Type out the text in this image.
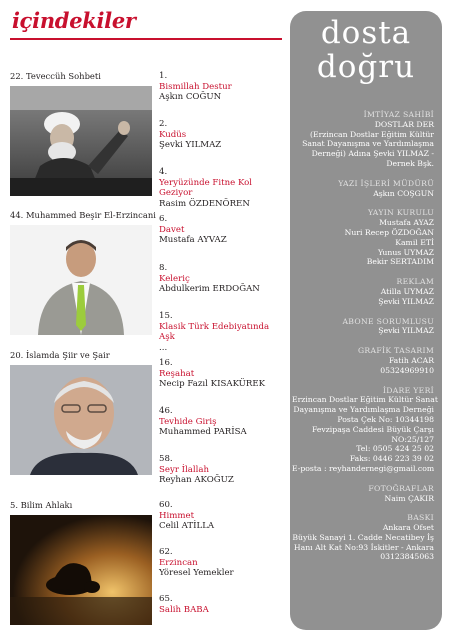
içindekiler
22. Teveccüh Sohbeti
44. Muhammed Beşir El-Erzincani
20. İslamda Şiir ve Şair
5. Bilim Ahlakı
dosta
doğru
İMTİYAZ SAHİBİ
DOSTLAR DER
(Erzincan Dostlar Eğitim Kültür
Sanat Dayanışma ve Yardımlaşma
Derneği) Adına Şevki YILMAZ -
Dernek Bşk.
YAZI İŞLERİ MÜDÜRÜ
Aşkın COŞGUN
YAYIN KURULU
Mustafa AYAZ
Nuri Recep ÖZDOĞAN
Kamil ETİ
Yunus UYMAZ
Bekir SERTADIM
REKLAM
Atilla UYMAZ
Şevki YILMAZ
ABONE SORUMLUSU
Şevki YILMAZ
GRAFİK TASARIM
Fatih ACAR
05324969910
İDARE YERİ
Erzincan Dostlar Eğitim Kültür Sanat
Dayanışma ve Yardımlaşma Derneği
Posta Çek No: 10344198
Fevzipaşa Caddesi Büyük Çarşı
NO:25/127
Tel: 0505 424 25 02
Faks: 0446 223 39 02
E-posta : reyhandernegi@gmail.com
FOTOĞRAFLAR
Naim ÇAKIR
BASKI
Ankara Ofset
Büyük Sanayi 1. Cadde Necatibey İş
Hanı Alt Kat No:93 İskitler - Ankara
03123845063
1.
Bismillah Destur
Aşkın COĞUN
2.
Kudüs
Şevki YILMAZ
4.
Yeryüzünde Fitne Kol Geziyor
Rasim ÖZDENÖREN
6.
Davet
Mustafa AYVAZ
8.
Keleriç
Abdulkerim ERDOĞAN
15.
Klasik Türk Edebiyatında Aşk
...
16.
Reşahat
Necip Fazıl KISAKÜREK
46.
Tevhide Giriş
Muhammed PARİSA
58.
Seyr İlallah
Reyhan AKOĞUZ
60.
Himmet
Celil ATİLLA
62.
Erzincan
Yöresel Yemekler
65.
Salih BABA
